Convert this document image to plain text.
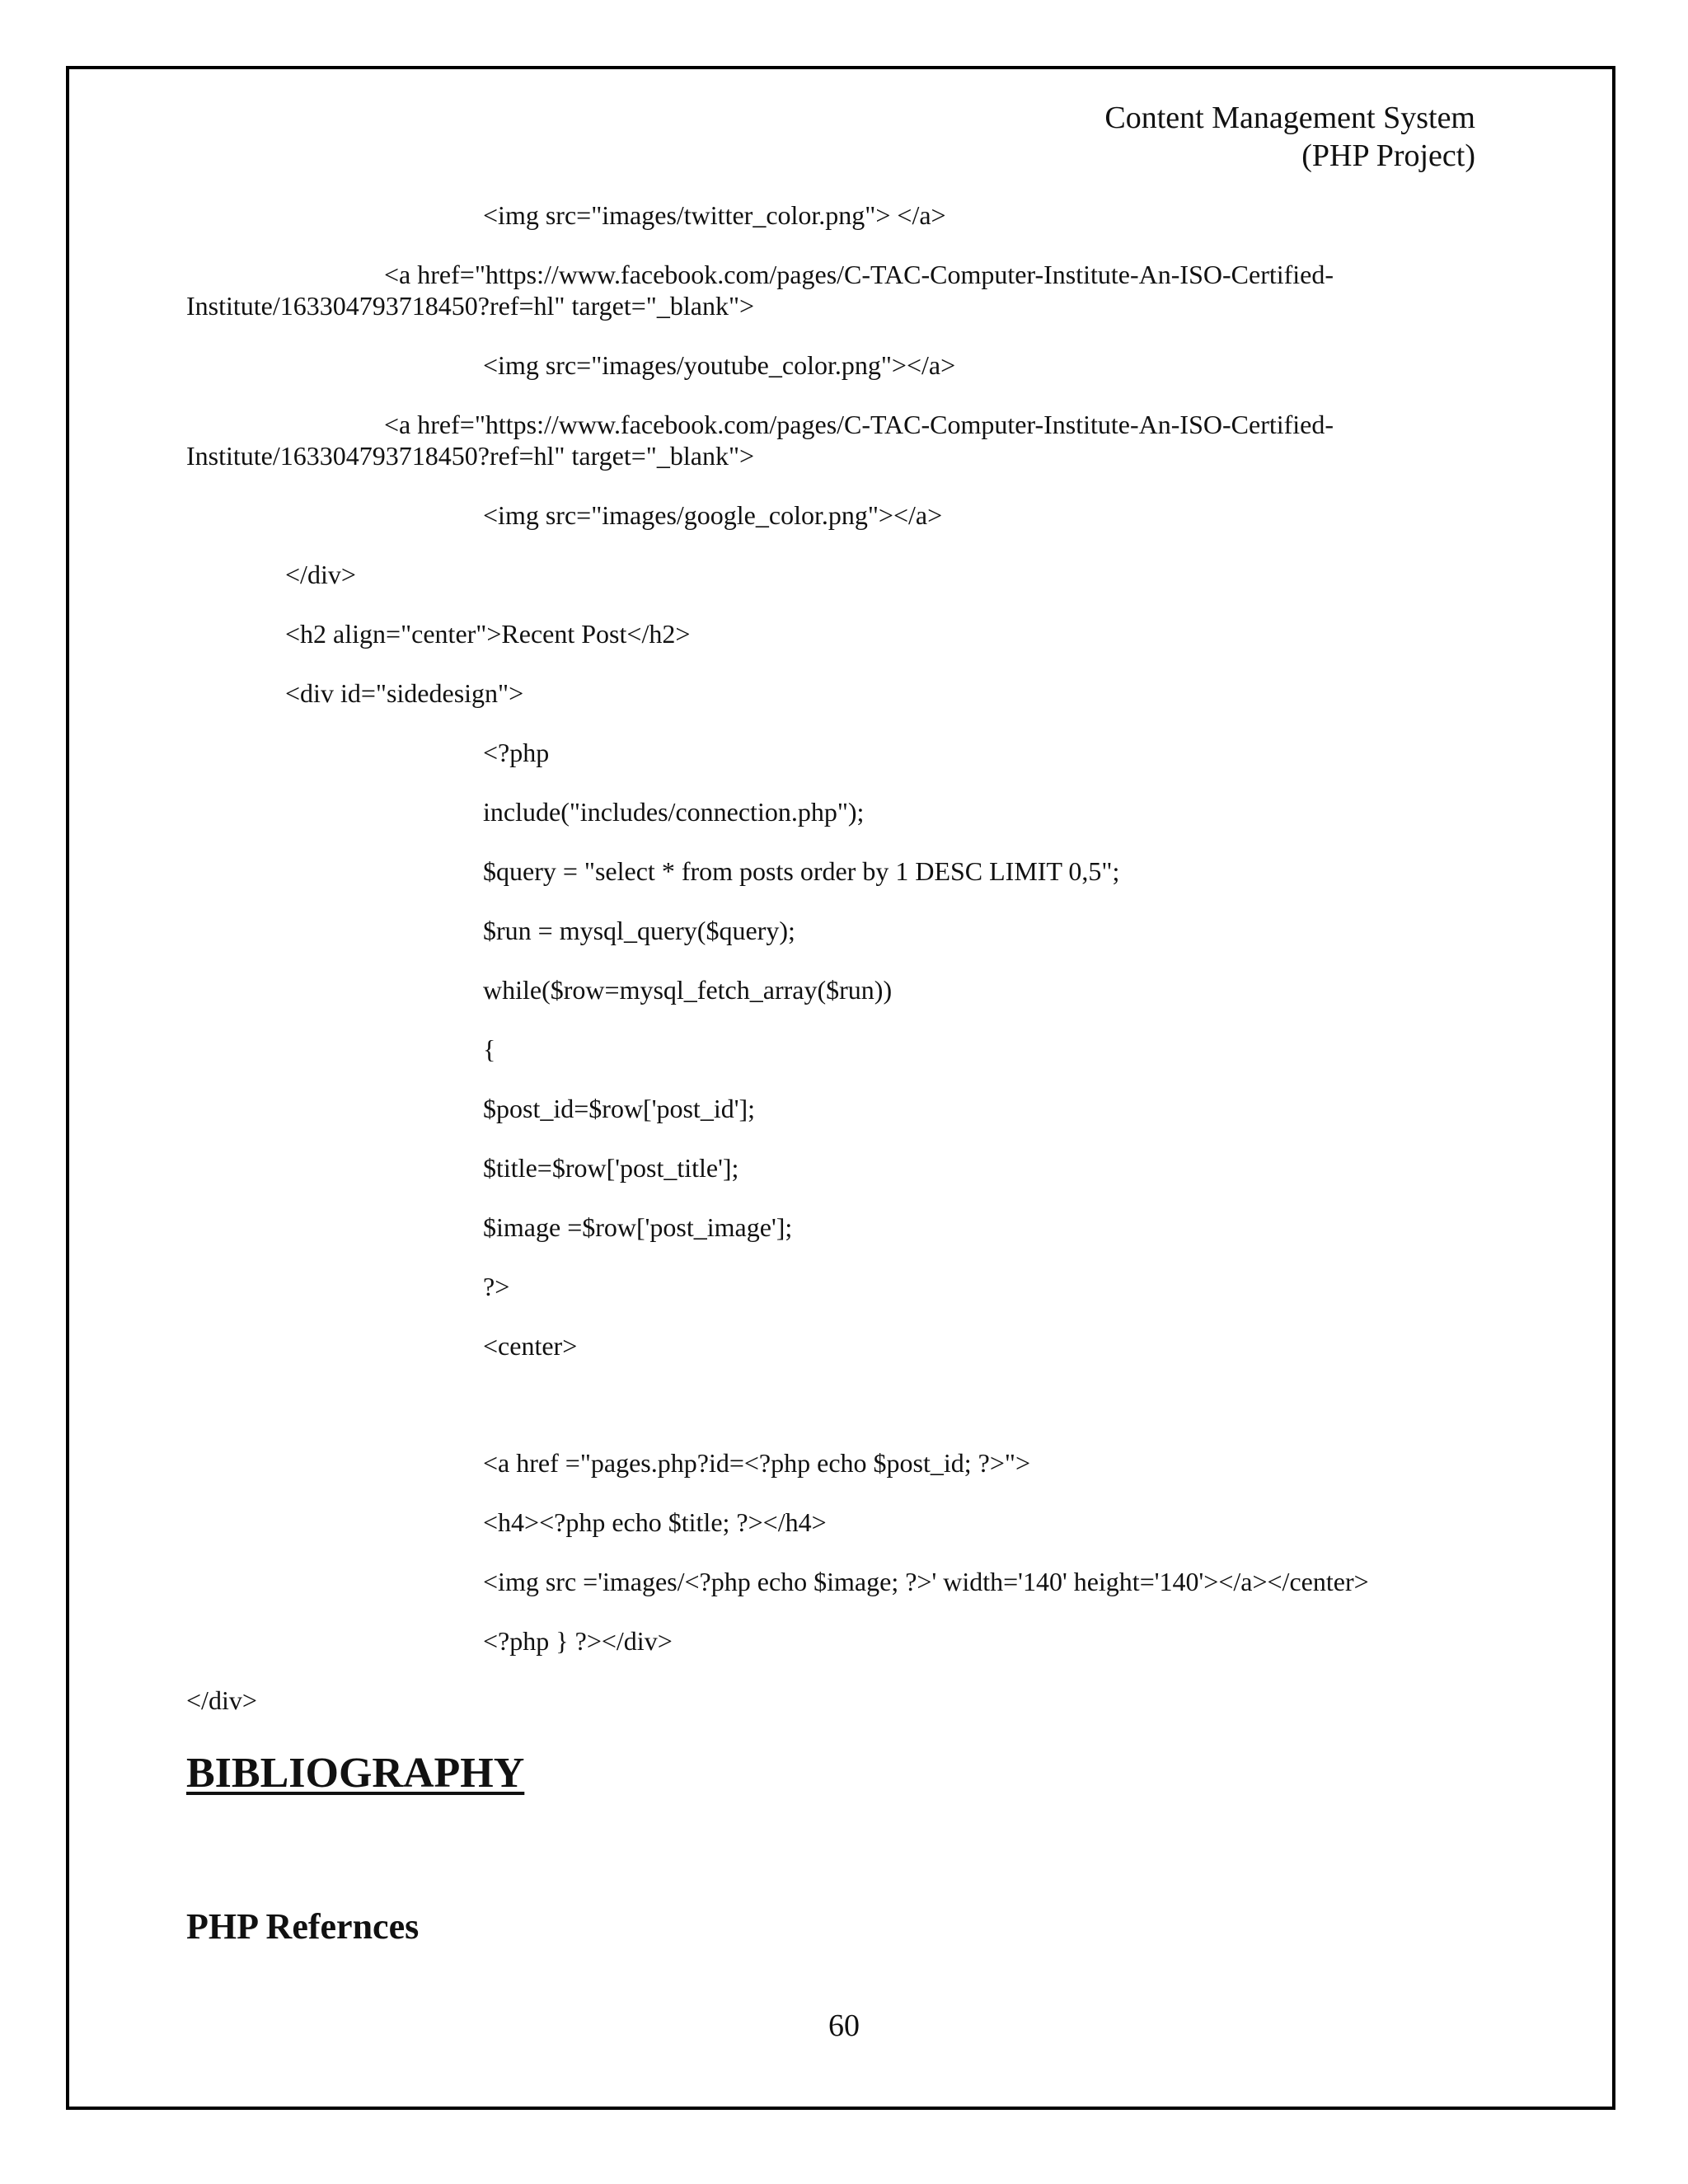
Content Management System
(PHP Project)
<img src="images/twitter_color.png"> </a>
<a href="https://www.facebook.com/pages/C-TAC-Computer-Institute-An-ISO-Certified-
Institute/163304793718450?ref=hl" target="_blank">
<img src="images/youtube_color.png"></a>
<a href="https://www.facebook.com/pages/C-TAC-Computer-Institute-An-ISO-Certified-
Institute/163304793718450?ref=hl" target="_blank">
<img src="images/google_color.png"></a>
</div>
<h2 align="center">Recent Post</h2>
<div id="sidedesign">
<?php
include("includes/connection.php");
$query = "select * from posts order by 1 DESC LIMIT 0,5";
$run = mysql_query($query);
while($row=mysql_fetch_array($run))
{
$post_id=$row['post_id'];
$title=$row['post_title'];
$image =$row['post_image'];
?>
<center>
<a href ="pages.php?id=<?php echo $post_id; ?>">
<h4><?php echo $title; ?></h4>
<img src ='images/<?php echo $image; ?>' width='140' height='140'></a></center>
<?php } ?></div>
</div>
BIBLIOGRAPHY
PHP Refernces
60
